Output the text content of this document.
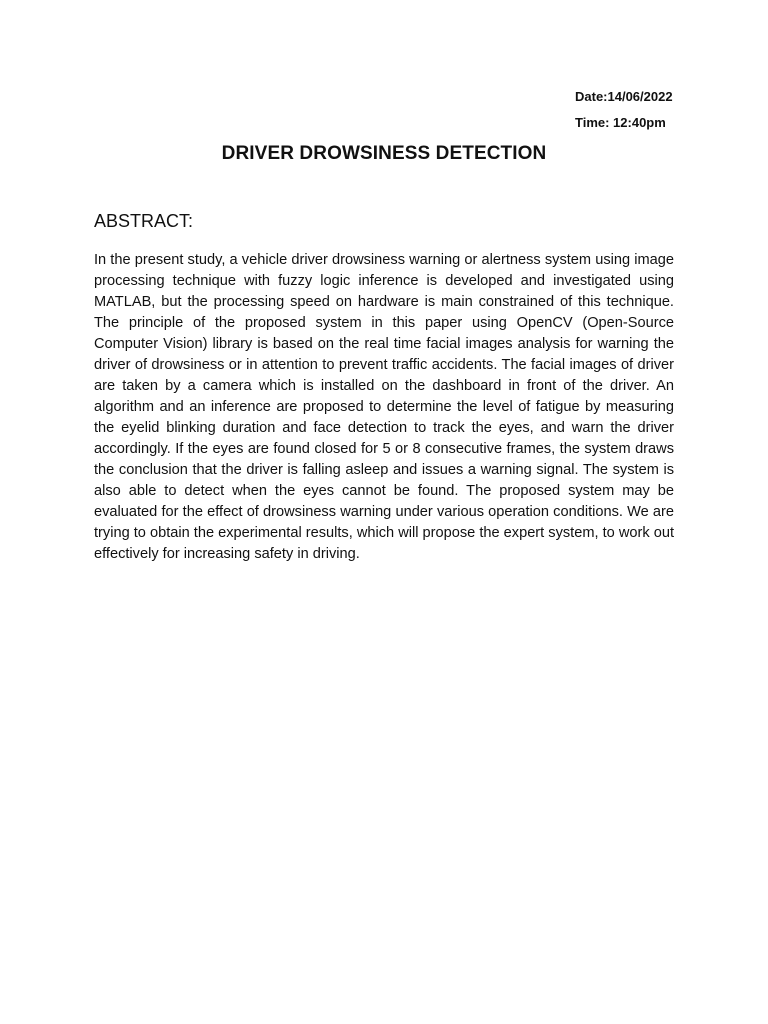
Date:14/06/2022
Time: 12:40pm
DRIVER DROWSINESS DETECTION
ABSTRACT:

In the present study, a vehicle driver drowsiness warning or alertness system using image processing technique with fuzzy logic inference is developed and investigated using MATLAB, but the processing speed on hardware is main constrained of this technique. The principle of the proposed system in this paper using OpenCV (Open-Source Computer Vision) library is based on the real time facial images analysis for warning the driver of drowsiness or in attention to prevent traffic accidents. The facial images of driver are taken by a camera which is installed on the dashboard in front of the driver. An algorithm and an inference are proposed to determine the level of fatigue by measuring the eyelid blinking duration and face detection to track the eyes, and warn the driver accordingly. If the eyes are found closed for 5 or 8 consecutive frames, the system draws the conclusion that the driver is falling asleep and issues a warning signal. The system is also able to detect when the eyes cannot be found. The proposed system may be evaluated for the effect of drowsiness warning under various operation conditions. We are trying to obtain the experimental results, which will propose the expert system, to work out effectively for increasing safety in driving.
